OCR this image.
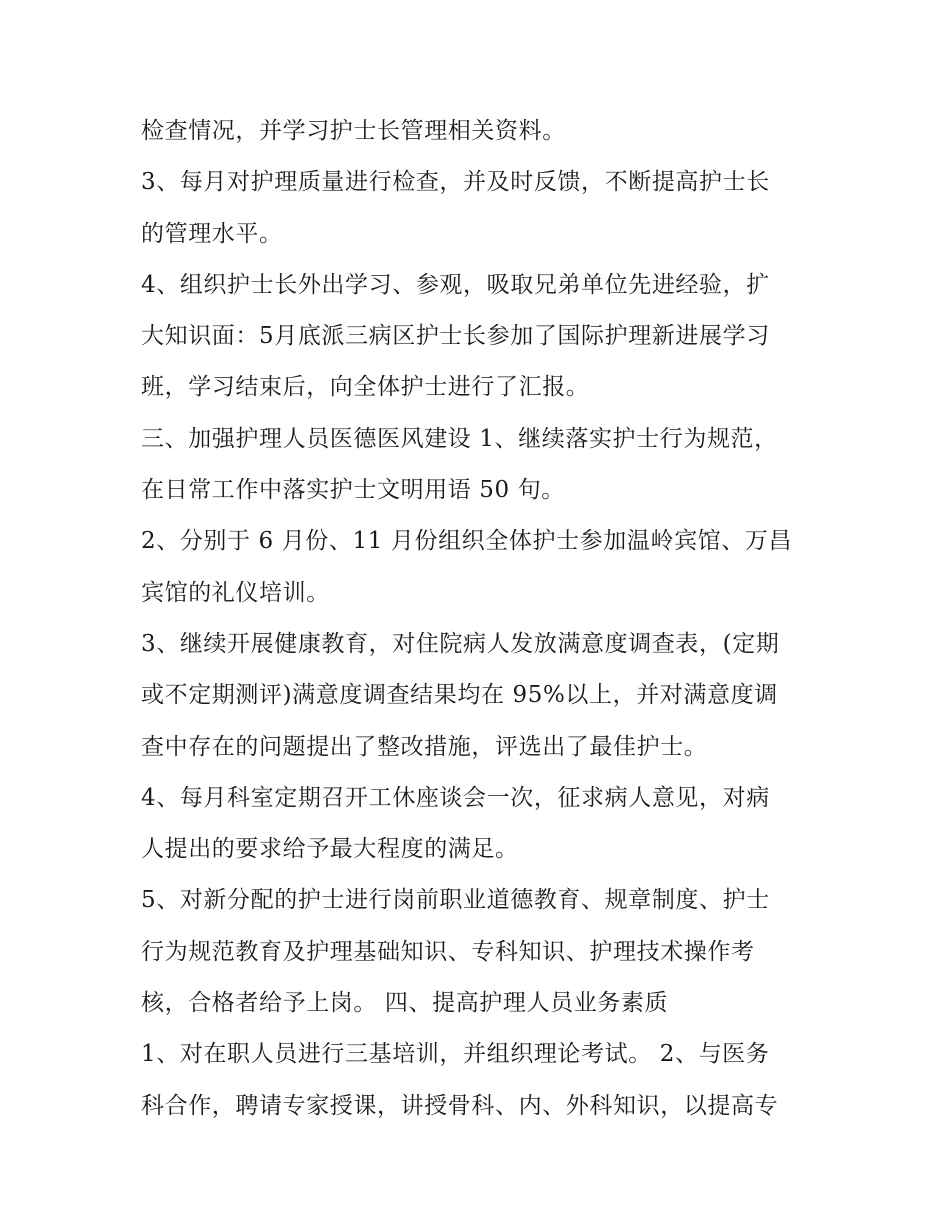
检查情况，并学习护士长管理相关资料。
3、每月对护理质量进行检查，并及时反馈，不断提高护士长
的管理水平。
4、组织护士长外出学习、参观，吸取兄弟单位先进经验，扩
大知识面：5月底派三病区护士长参加了国际护理新进展学习
班，学习结束后，向全体护士进行了汇报。
三、加强护理人员医德医风建设 1、继续落实护士行为规范，
在日常工作中落实护士文明用语 50 句。
2、分别于 6 月份、11 月份组织全体护士参加温岭宾馆、万昌
宾馆的礼仪培训。
3、继续开展健康教育，对住院病人发放满意度调查表，(定期
或不定期测评)满意度调查结果均在 95%以上，并对满意度调
查中存在的问题提出了整改措施，评选出了最佳护士。
4、每月科室定期召开工休座谈会一次，征求病人意见，对病
人提出的要求给予最大程度的满足。
5、对新分配的护士进行岗前职业道德教育、规章制度、护士
行为规范教育及护理基础知识、专科知识、护理技术操作考
核，合格者给予上岗。 四、提高护理人员业务素质
1、对在职人员进行三基培训，并组织理论考试。 2、与医务
科合作，聘请专家授课，讲授骨科、内、外科知识，以提高专
